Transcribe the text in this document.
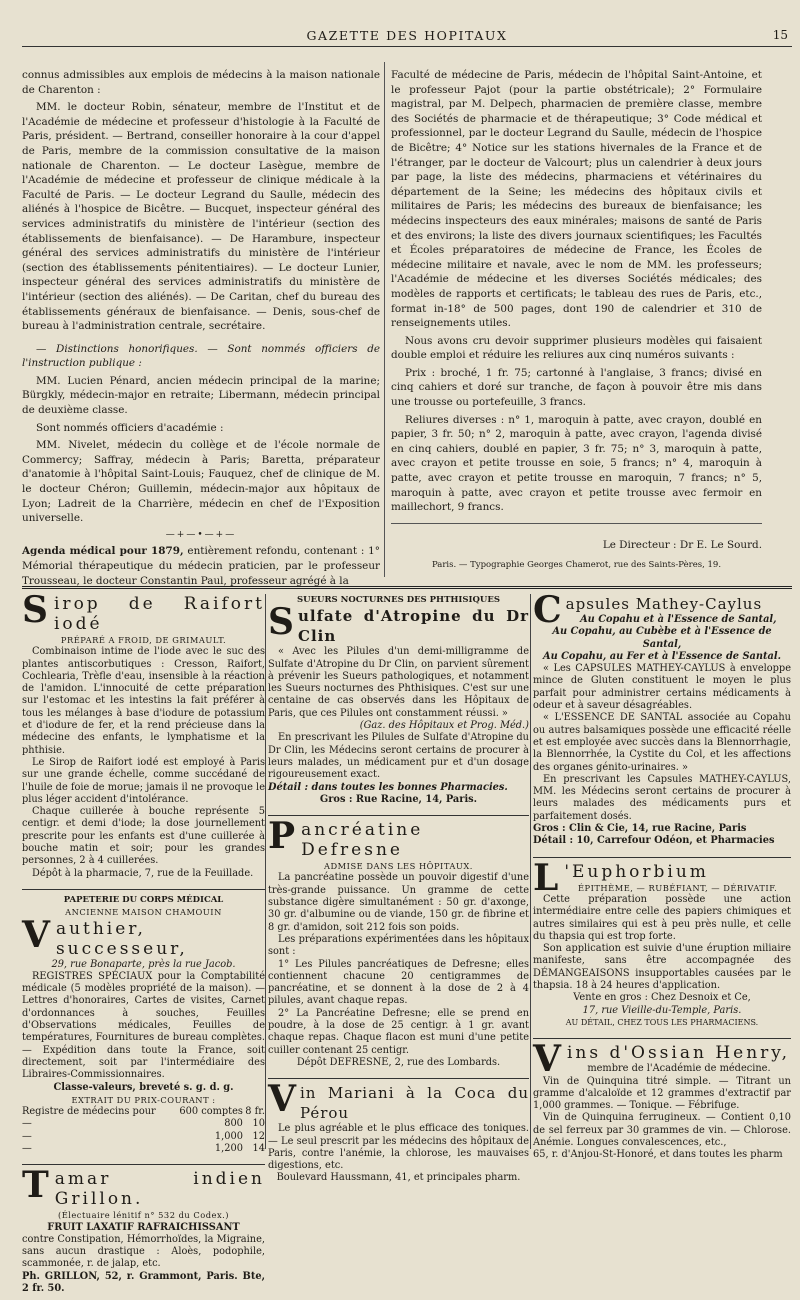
GAZETTE DES HOPITAUX	15

connus admissibles aux emplois de médecins à la maison nationale de Charenton :

MM. le docteur Robin, sénateur, membre de l'Institut et de l'Académie de médecine et professeur d'histologie à la Faculté de Paris, président. — Bertrand, conseiller honoraire à la cour d'appel de Paris, membre de la commission consultative de la maison nationale de Charenton. — Le docteur Lasègue, membre de l'Académie de médecine et professeur de clinique médicale à la Faculté de Paris. — Le docteur Legrand du Saulle, médecin des aliénés à l'hospice de Bicêtre. — Bucquet, inspecteur général des services administratifs du ministère de l'intérieur (section des établissements de bienfaisance). — De Harambure, inspecteur général des services administratifs du ministère de l'intérieur (section des établissements pénitentiaires). — Le docteur Lunier, inspecteur général des services administratifs du ministère de l'intérieur (section des aliénés). — De Caritan, chef du bureau des établissements généraux de bienfaisance. — Denis, sous-chef de bureau à l'administration centrale, secrétaire.

— Distinctions honorifiques. — Sont nommés officiers de l'instruction publique :

MM. Lucien Pénard, ancien médecin principal de la marine; Bürgkly, médecin-major en retraite; Libermann, médecin principal de deuxième classe.

Sont nommés officiers d'académie :

MM. Nivelet, médecin du collège et de l'école normale de Commercy; Saffray, médecin à Paris; Baretta, préparateur d'anatomie à l'hôpital Saint-Louis; Fauquez, chef de clinique de M. le docteur Chéron; Guillemin, médecin-major aux hôpitaux de Lyon; Ladreit de la Charrière, médecin en chef de l'Exposition universelle.

—+—•—+—

Agenda médical pour 1879, entièrement refondu, contenant : 1° Mémorial thérapeutique du médecin praticien, par le professeur Trousseau, le docteur Constantin Paul, professeur agrégé à la

Faculté de médecine de Paris, médecin de l'hôpital Saint-Antoine, et le professeur Pajot (pour la partie obstétricale); 2° Formulaire magistral, par M. Delpech, pharmacien de première classe, membre des Sociétés de pharmacie et de thérapeutique; 3° Code médical et professionnel, par le docteur Legrand du Saulle, médecin de l'hospice de Bicêtre; 4° Notice sur les stations hivernales de la France et de l'étranger, par le docteur de Valcourt; plus un calendrier à deux jours par page, la liste des médecins, pharmaciens et vétérinaires du département de la Seine; les médecins des hôpitaux civils et militaires de Paris; les médecins des bureaux de bienfaisance; les médecins inspecteurs des eaux minérales; maisons de santé de Paris et des environs; la liste des divers journaux scientifiques; les Facultés et Écoles préparatoires de médecine de France, les Écoles de médecine militaire et navale, avec le nom de MM. les professeurs; l'Académie de médecine et les diverses Sociétés médicales; des modèles de rapports et certificats; le tableau des rues de Paris, etc., format in-18° de 500 pages, dont 190 de calendrier et 310 de renseignements utiles.

Nous avons cru devoir supprimer plusieurs modèles qui faisaient double emploi et réduire les reliures aux cinq numéros suivants :

Prix : broché, 1 fr. 75; cartonné à l'anglaise, 3 francs; divisé en cinq cahiers et doré sur tranche, de façon à pouvoir être mis dans une trousse ou portefeuille, 3 francs.

Reliures diverses : n° 1, maroquin à patte, avec crayon, doublé en papier, 3 fr. 50; n° 2, maroquin à patte, avec crayon, l'agenda divisé en cinq cahiers, doublé en papier, 3 fr. 75; n° 3, maroquin à patte, avec crayon et petite trousse en soie, 5 francs; n° 4, maroquin à patte, avec crayon et petite trousse en maroquin, 7 francs; n° 5, maroquin à patte, avec crayon et petite trousse avec fermoir en maillechort, 9 francs.

Le Directeur : Dr E. Le Sourd.
Paris. — Typographie Georges Chamerot, rue des Saints-Pères, 19.
Sirop de Raifort iodé
PRÉPARÉ A FROID, DE GRIMAULT.

Combinaison intime de l'iode avec le suc des plantes antiscorbutiques : Cresson, Raifort, Cochlearia, Trèfle d'eau, insensible à la réaction de l'amidon. L'innocuité de cette préparation sur l'estomac et les intestins la fait préférer à tous les mélanges à base d'iodure de potassium et d'iodure de fer, et la rend précieuse dans la médecine des enfants, le lymphatisme et la phthisie.

Le Sirop de Raifort iodé est employé à Paris sur une grande échelle, comme succédané de l'huile de foie de morue; jamais il ne provoque le plus léger accident d'intolérance.

Chaque cuillerée à bouche représente 5 centigr. et demi d'iode; la dose journellement prescrite pour les enfants est d'une cuillerée à bouche matin et soir; pour les grandes personnes, 2 à 4 cuillerées.

Dépôt à la pharmacie, 7, rue de la Feuillade.

PAPETERIE DU CORPS MÉDICAL
ANCIENNE MAISON CHAMOUIN
Vauthier, successeur,
29, rue Bonaparte, près la rue Jacob.

REGISTRES SPÉCIAUX pour la Comptabilité médicale (5 modèles propriété de la maison). — Lettres d'honoraires, Cartes de visites, Carnet d'ordonnances à souches, Feuilles d'Observations médicales, Feuilles de températures, Fournitures de bureau complètes. — Expédition dans toute la France, soit directement, soit par l'intermédiaire des Libraires-Commissionnaires.

Classe-valeurs, breveté s. g. d. g.
EXTRAIT DU PRIX-COURANT :
Registre de médecins pour	600 comptes	8 fr.
—	800	10
—	1,000	12
—	1,200	14
Tamar indien Grillon.
(Électuaire lénitif n° 532 du Codex.)
FRUIT LAXATIF RAFRAICHISSANT

contre Constipation, Hémorrhoïdes, la Migraine, sans aucun drastique : Aloès, podophile, scammonée, r. de jalap, etc.

Ph. GRILLON, 52, r. Grammont, Paris. Bte, 2 fr. 50.
SUEURS NOCTURNES DES PHTHISIQUES
Sulfate d'Atropine du Dr Clin

« Avec les Pilules d'un demi-milligramme de Sulfate d'Atropine du Dr Clin, on parvient sûrement à prévenir les Sueurs pathologiques, et notamment les Sueurs nocturnes des Phthisiques. C'est sur une centaine de cas observés dans les Hôpitaux de Paris, que ces Pilules ont constamment réussi. »

(Gaz. des Hôpitaux et Prog. Méd.)

En prescrivant les Pilules de Sulfate d'Atropine du Dr Clin, les Médecins seront certains de procurer à leurs malades, un médicament pur et d'un dosage rigoureusement exact.

Détail : dans toutes les bonnes Pharmacies.
Gros : Rue Racine, 14, Paris.
Pancréatine Defresne
ADMISE DANS LES HÔPITAUX.

La pancréatine possède un pouvoir digestif d'une très-grande puissance. Un gramme de cette substance digère simultanément : 50 gr. d'axonge, 30 gr. d'albumine ou de viande, 150 gr. de fibrine et 8 gr. d'amidon, soit 212 fois son poids.

Les préparations expérimentées dans les hôpitaux sont :

1° Les Pilules pancréatiques de Defresne; elles contiennent chacune 20 centigrammes de pancréatine, et se donnent à la dose de 2 à 4 pilules, avant chaque repas.

2° La Pancréatine Defresne; elle se prend en poudre, à la dose de 25 centigr. à 1 gr. avant chaque repas. Chaque flacon est muni d'une petite cuiller contenant 25 centigr.

Dépôt DEFRESNE, 2, rue des Lombards.
Vin Mariani à la Coca du Pérou

Le plus agréable et le plus efficace des toniques. — Le seul prescrit par les médecins des hôpitaux de Paris, contre l'anémie, la chlorose, les mauvaises digestions, etc.

Boulevard Haussmann, 41, et principales pharm.
Capsules Mathey-Caylus
Au Copahu et à l'Essence de Santal,
Au Copahu, au Cubèbe et à l'Essence de Santal,
Au Copahu, au Fer et à l'Essence de Santal.

« Les CAPSULES MATHEY-CAYLUS à enveloppe mince de Gluten constituent le moyen le plus parfait pour administrer certains médicaments à odeur et à saveur désagréables.

« L'ESSENCE DE SANTAL associée au Copahu ou autres balsamiques possède une efficacité réelle et est employée avec succès dans la Blennorrhagie, la Blennorrhée, la Cystite du Col, et les affections des organes génito-urinaires. »

En prescrivant les Capsules MATHEY-CAYLUS, MM. les Médecins seront certains de procurer à leurs malades des médicaments purs et parfaitement dosés.

Gros : Clin & Cie, 14, rue Racine, Paris
Détail : 10, Carrefour Odéon, et Pharmacies
L 'Euphorbium
ÉPITHÈME, — RUBÉFIANT, — DÉRIVATIF.

Cette préparation possède une action intermédiaire entre celle des papiers chimiques et autres similaires qui est à peu près nulle, et celle du thapsia qui est trop forte.

Son application est suivie d'une éruption miliaire manifeste, sans être accompagnée des DÉMANGEAISONS insupportables causées par le thapsia. 18 à 24 heures d'application.

Vente en gros : Chez Desnoix et Ce,
17, rue Vieille-du-Temple, Paris.
AU DÉTAIL, CHEZ TOUS LES PHARMACIENS.
Vins d'Ossian Henry,
membre de l'Académie de médecine.

Vin de Quinquina titré simple. — Titrant un gramme d'alcaloïde et 12 grammes d'extractif par 1,000 grammes. — Tonique. — Fébrifuge.

Vin de Quinquina ferrugineux. — Contient 0,10 de sel ferreux par 30 grammes de vin. — Chlorose. Anémie. Longues convalescences, etc.,

65, r. d'Anjou-St-Honoré, et dans toutes les pharm
